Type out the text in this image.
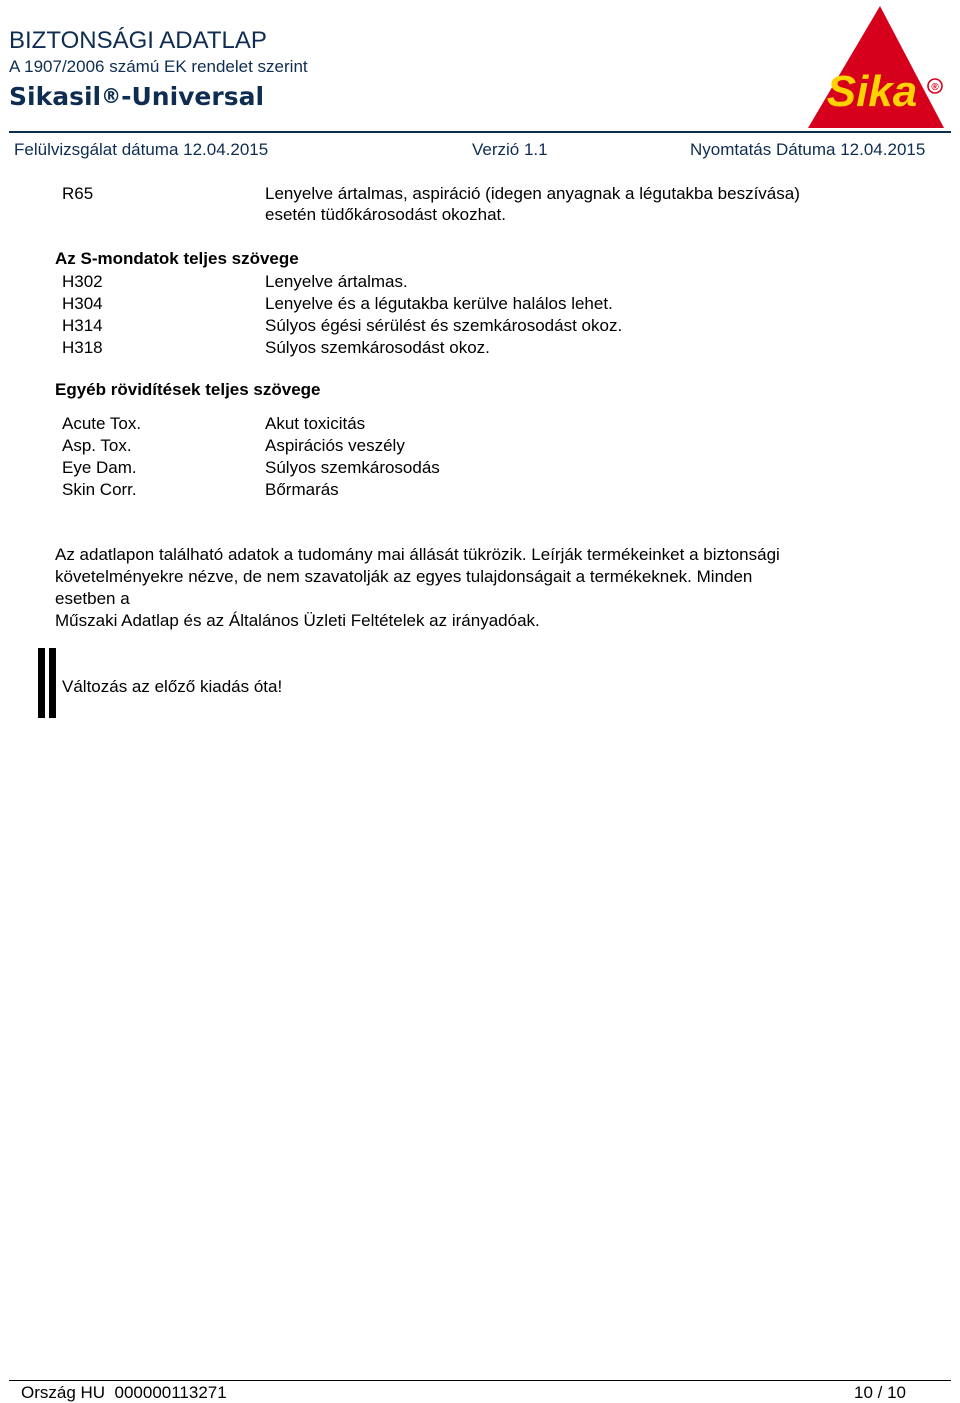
BIZTONSÁGI ADATLAP
A 1907/2006 számú EK rendelet szerint
Sikasil®-Universal
Felülvizsgálat dátuma 12.04.2015	Verzió 1.1	Nyomtatás Dátuma 12.04.2015
Sika ®
R65	Lenyelve ártalmas, aspiráció (idegen anyagnak a légutakba beszívása)
esetén tüdőkárosodást okozhat.
Az S-mondatok teljes szövege
H302	Lenyelve ártalmas.
H304	Lenyelve és a légutakba kerülve halálos lehet.
H314	Súlyos égési sérülést és szemkárosodást okoz.
H318	Súlyos szemkárosodást okoz.
Egyéb rövidítések teljes szövege
Acute Tox.	Akut toxicitás
Asp. Tox.	Aspirációs veszély
Eye Dam.	Súlyos szemkárosodás
Skin Corr.	Bőrmarás
Az adatlapon található adatok a tudomány mai állását tükrözik. Leírják termékeinket a biztonsági
követelményekre nézve, de nem szavatolják az egyes tulajdonságait a termékeknek. Minden
esetben a
Műszaki Adatlap és az Általános Üzleti Feltételek az irányadóak.
Változás az előző kiadás óta!
Ország HU  000000113271	10 / 10
